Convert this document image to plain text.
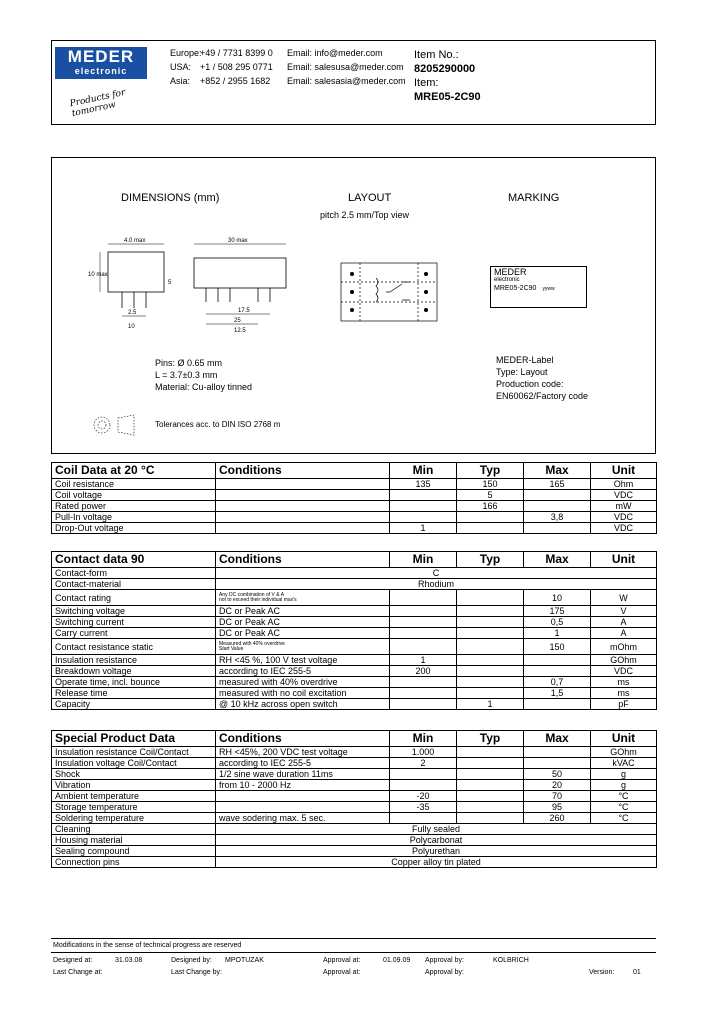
MEDER
electronic
Products for tomorrow
Europe:
+49 / 7731 8399 0 Email: info@meder.com
USA: +1 / 508 295 0771 Email: salesusa@meder.com
Asia: +852 / 2955 1682 Email: salesasia@meder.com
Item No.:
8205290000
Item:
MRE05-2C90
DIMENSIONS (mm)	LAYOUT
pitch 2.5 mm/Top view
MARKING
4.0 max	30 max
10 max
5
2.5
10
17.5
25
12.5
MEDER
electronic
MRE05-2C90 yyww
Pins: Ø 0.65 mm
L = 3.7±0.3 mm
Material: Cu-alloy tinned
MEDER-Label
Type: Layout
Production code:
EN60062/Factory code
Tolerances acc. to DIN ISO 2768 m
Coil Data at 20 °C	Conditions	Min	Typ	Max	Unit
Coil resistance		135	150	165	Ohm
Coil voltage			5		VDC
Rated power			166		mW
Pull-In voltage				3,8	VDC
Drop-Out voltage		1			VDC
Contact data 90	Conditions	Min	Typ	Max	Unit
Contact-form	C				
Contact-material	Rhodium				
Contact rating	Any DC combination of V & A
not to exceed their individual max's			10	W
Switching voltage	DC or Peak AC			175	V
Switching current	DC or Peak AC			0,5	A
Carry current	DC or Peak AC			1	A
Contact resistance static	Measured with 40% overdrive
Start Value			150	mOhm
Insulation resistance	RH <45 %, 100 V test voltage	1			GOhm
Breakdown voltage	according to IEC 255-5	200			VDC
Operate time, incl. bounce	measured with 40% overdrive			0,7	ms
Release time	measured with no coil excitation			1,5	ms
Capacity	@ 10 kHz across open switch		1		pF
Special Product Data	Conditions	Min	Typ	Max	Unit
Insulation resistance Coil/Contact	RH <45%, 200 VDC test voltage	1.000			GOhm
Insulation voltage Coil/Contact	according to IEC 255-5	2			kVAC
Shock	1/2 sine wave duration 11ms			50	g
Vibration	from 10 - 2000 Hz			20	g
Ambient temperature		-20		70	°C
Storage temperature		-35		95	°C
Soldering temperature	wave sodering max. 5 sec.			260	°C
Cleaning	Fully sealed				
Housing material	Polycarbonat				
Sealing compound	Polyurethan				
Connection pins	Copper alloy tin plated				
Modifications in the sense of technical progress are reserved
Designed at:	31.03.08	Designed by: MPOTUZAK	Approval at:	01.09.09 Approval by:	KOLBRICH
Last Change at:	Last Change by:	Approval at:	Approval by:	Version:	01
